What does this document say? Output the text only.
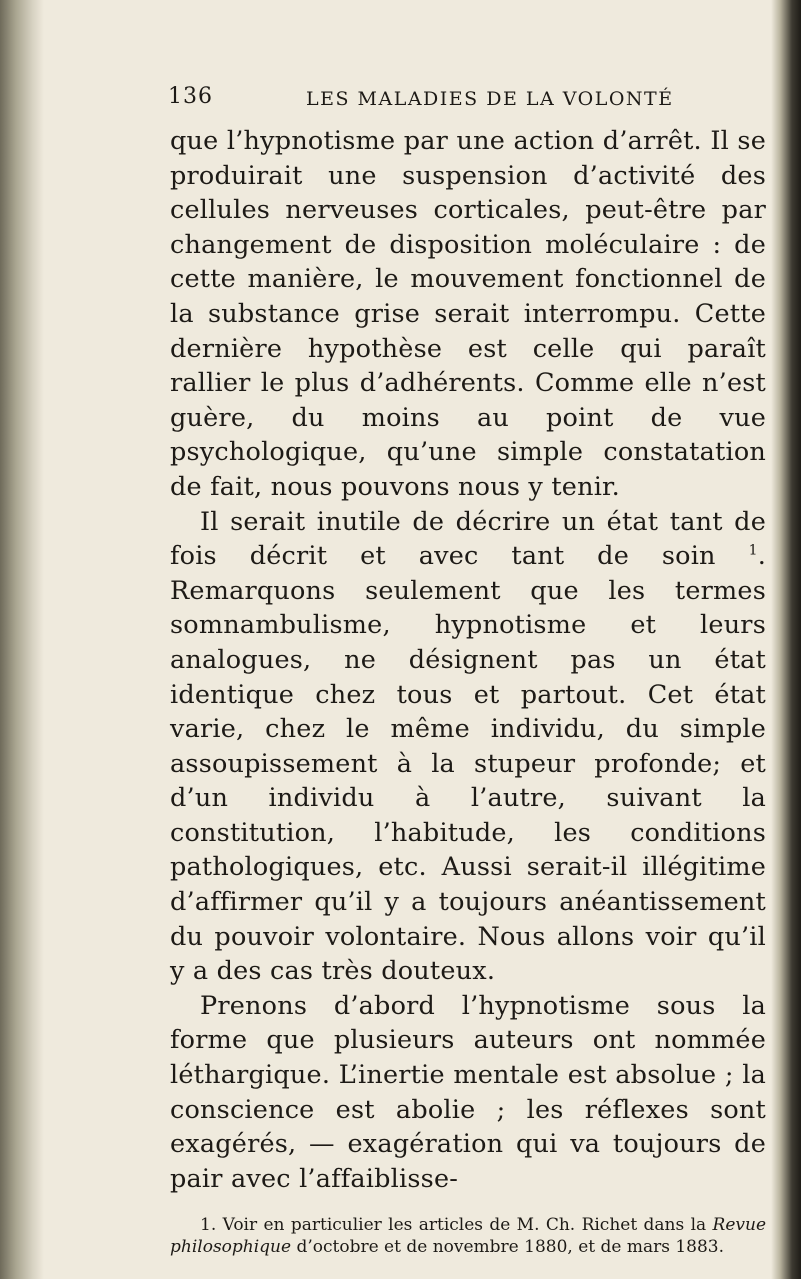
136	LES MALADIES DE LA VOLONTÉ

que l’hypnotisme par une action d’arrêt. Il se produirait une suspension d’activité des cellules nerveuses corticales, peut-être par changement de disposition moléculaire : de cette manière, le mouvement fonctionnel de la substance grise serait interrompu. Cette dernière hypothèse est celle qui paraît rallier le plus d’adhérents. Comme elle n’est guère, du moins au point de vue psychologique, qu’une simple constatation de fait, nous pouvons nous y tenir.

Il serait inutile de décrire un état tant de fois décrit et avec tant de soin $^1$. Remarquons seulement que les termes somnambulisme, hypnotisme et leurs analogues, ne désignent pas un état identique chez tous et partout. Cet état varie, chez le même individu, du simple assoupissement à la stupeur profonde; et d’un individu à l’autre, suivant la constitution, l’habitude, les conditions pathologiques, etc. Aussi serait-il illégitime d’affirmer qu’il y a toujours anéantissement du pouvoir volontaire. Nous allons voir qu’il y a des cas très douteux.

Prenons d’abord l’hypnotisme sous la forme que plusieurs auteurs ont nommée léthargique. L’inertie mentale est absolue ; la conscience est abolie ; les réflexes sont exagérés, — exagération qui va toujours de pair avec l’affaiblisse-

1. Voir en particulier les articles de M. Ch. Richet dans la Revue philosophique d’octobre et de novembre 1880, et de mars 1883.
